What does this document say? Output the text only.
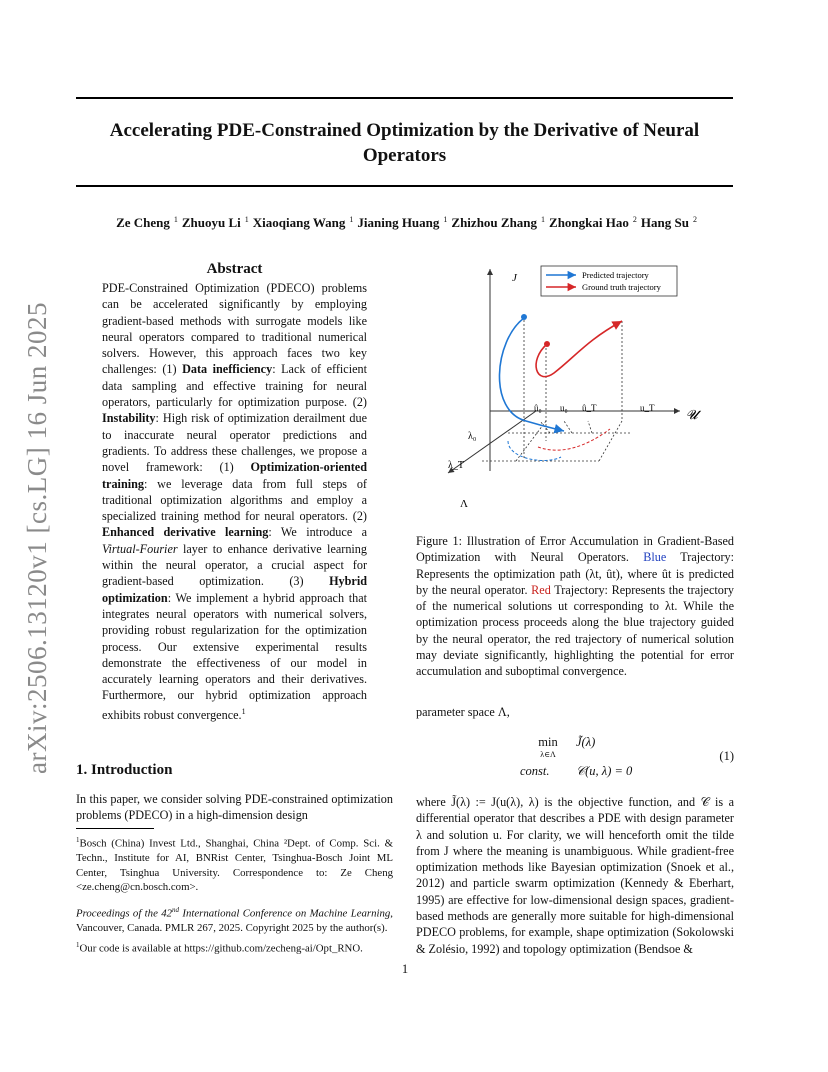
Accelerating PDE-Constrained Optimization by the Derivative of Neural Operators
Ze Cheng $^1$ Zhuoyu Li $^1$ Xiaoqiang Wang $^1$ Jianing Huang $^1$ Zhizhou Zhang $^1$ Zhongkai Hao $^2$ Hang Su $^2$
arXiv:2506.13120v1 [cs.LG] 16 Jun 2025
Abstract
PDE-Constrained Optimization (PDECO) problems can be accelerated significantly by employing gradient-based methods with surrogate models like neural operators compared to traditional numerical solvers. However, this approach faces two key challenges: (1) Data inefficiency: Lack of efficient data sampling and effective training for neural operators, particularly for optimization purpose. (2) Instability: High risk of optimization derailment due to inaccurate neural operator predictions and gradients. To address these challenges, we propose a novel framework: (1) Optimization-oriented training: we leverage data from full steps of traditional optimization algorithms and employ a specialized training method for neural operators. (2) Enhanced derivative learning: We introduce a Virtual-Fourier layer to enhance derivative learning within the neural operator, a crucial aspect for gradient-based optimization. (3) Hybrid optimization: We implement a hybrid approach that integrates neural operators with numerical solvers, providing robust regularization for the optimization process. Our extensive experimental results demonstrate the effectiveness of our model in accurately learning operators and their derivatives. Furthermore, our hybrid optimization approach exhibits robust convergence.$^1$
1. Introduction
In this paper, we consider solving PDE-constrained optimization problems (PDECO) in a high-dimension design

$^1$Bosch (China) Invest Ltd., Shanghai, China ²Dept. of Comp. Sci. & Techn., Institute for AI, BNRist Center, Tsinghua-Bosch Joint ML Center, Tsinghua University. Correspondence to: Ze Cheng <ze.cheng@cn.bosch.com>.

Proceedings of the 42nd International Conference on Machine Learning, Vancouver, Canada. PMLR 267, 2025. Copyright 2025 by the author(s).

$^1$Our code is available at https://github.com/zecheng-ai/Opt_RNO.

J
𝓤
Λ
λ₀
λ_T
û₀ u₀ û_T	u_T
Predicted trajectory
Ground truth trajectory
Figure 1: Illustration of Error Accumulation in Gradient-Based Optimization with Neural Operators. Blue Trajectory: Represents the optimization path (λt, ût), where ût is predicted by the neural operator. Red Trajectory: Represents the trajectory of the numerical solutions ut corresponding to λt. While the optimization process proceeds along the blue trajectory guided by the neural operator, the red trajectory of numerical solution may deviate significantly, highlighting the potential for error accumulation and suboptimal convergence.
parameter space Λ,
min
λ∈Λ
J̃(λ)
const. 𝒞(u, λ) = 0
(1)
where J̃(λ) := J(u(λ), λ) is the objective function, and 𝒞 is a differential operator that describes a PDE with design parameter λ and solution u. For clarity, we will henceforth omit the tilde from J where the meaning is unambiguous. While gradient-free optimization methods like Bayesian optimization (Snoek et al., 2012) and particle swarm optimization (Kennedy & Eberhart, 1995) are effective for low-dimensional design spaces, gradient-based methods are generally more suitable for high-dimensional PDECO problems, for example, shape optimization (Sokolowski & Zolésio, 1992) and topology optimization (Bendsoe &
1
